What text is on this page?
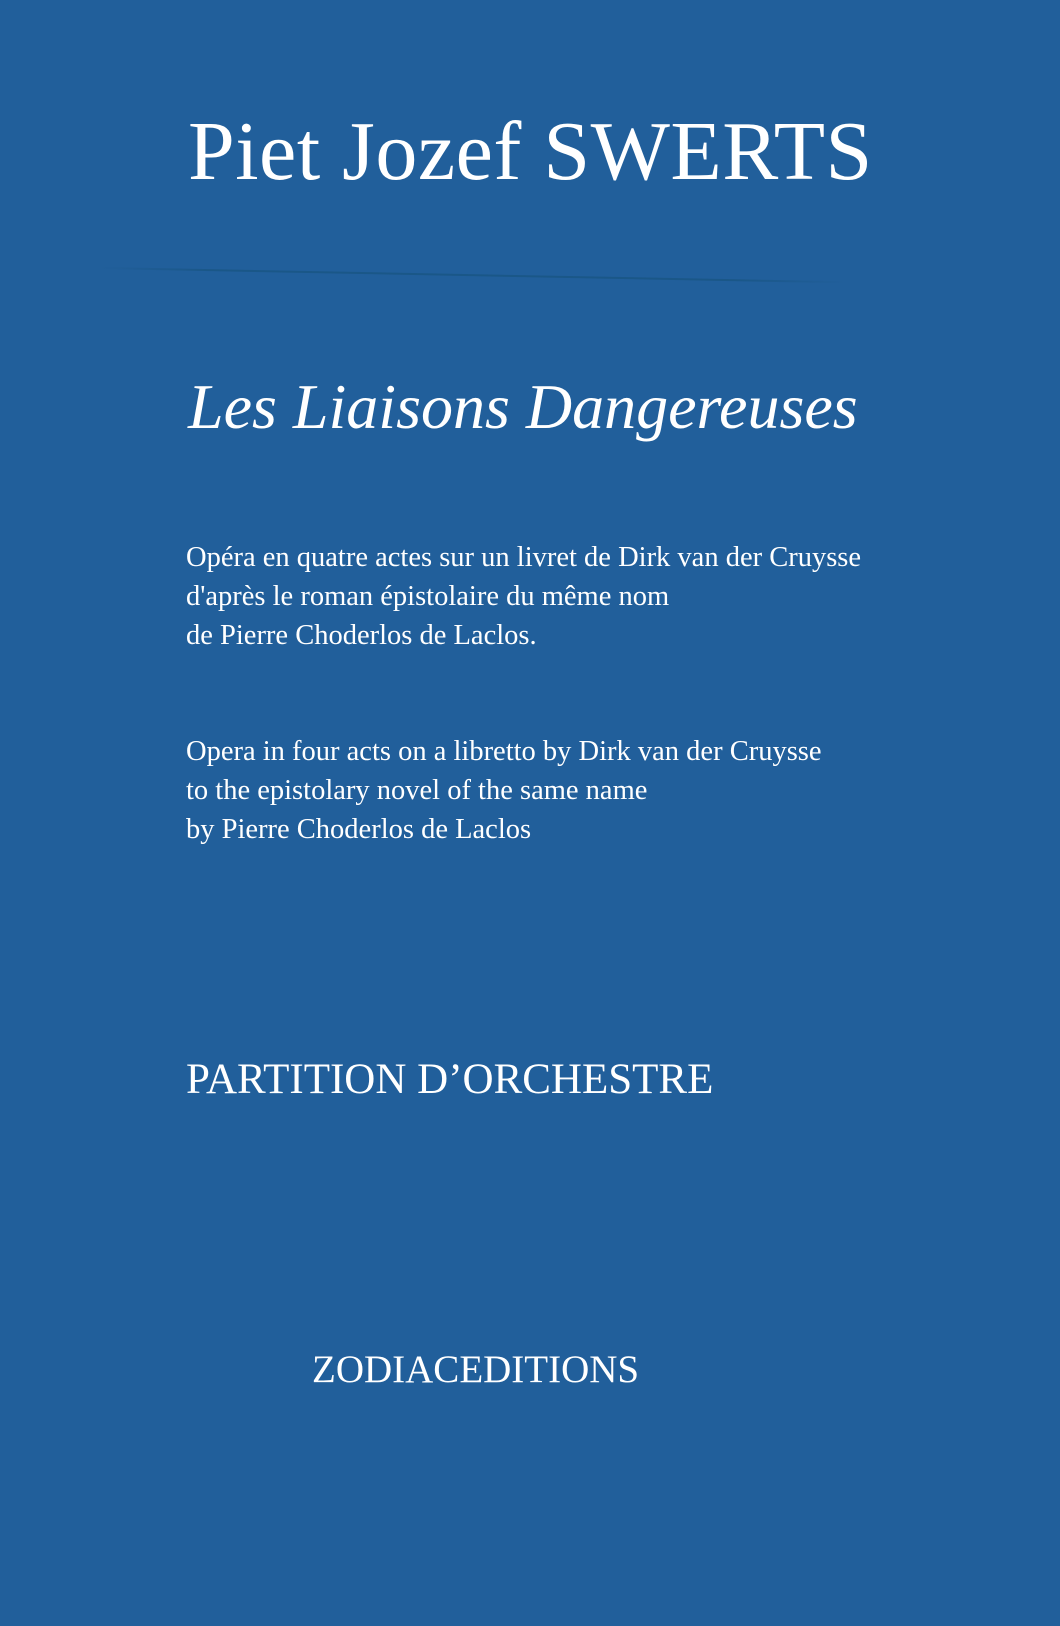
Piet Jozef SWERTS
Les Liaisons Dangereuses

Opéra en quatre actes sur un livret de Dirk van der Cruysse
d'après le roman épistolaire du même nom
de Pierre Choderlos de Laclos.

Opera in four acts on a libretto by Dirk van der Cruysse
to the epistolary novel of the same name
by Pierre Choderlos de Laclos

PARTITION D’ORCHESTRE
ZODIACEDITIONS
